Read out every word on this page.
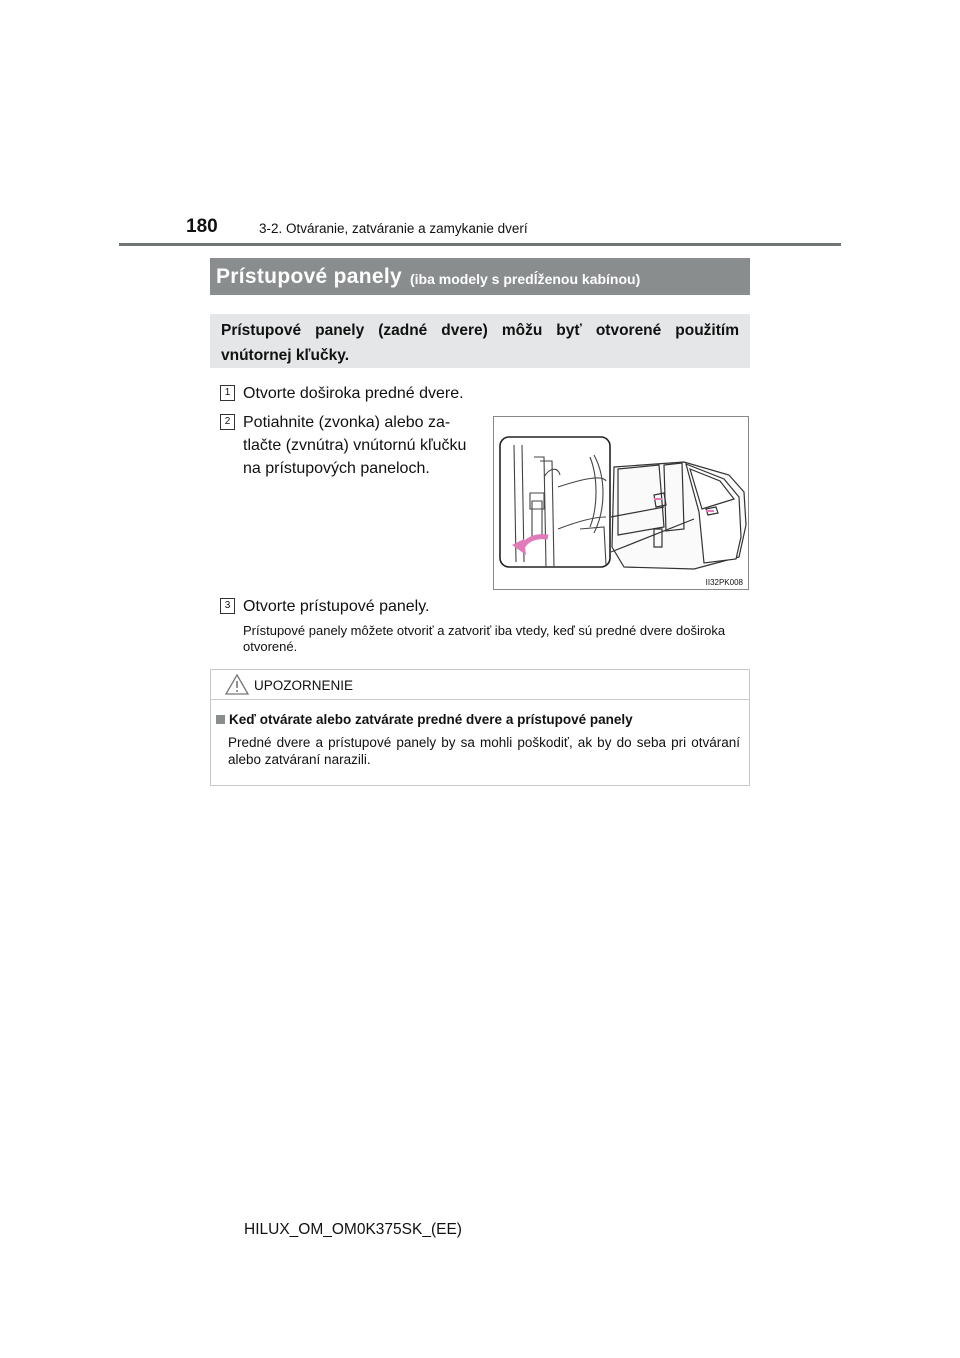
180	3-2. Otváranie, zatváranie a zamykanie dverí
Prístupové panely (iba modely s predĺženou kabínou)
Prístupové panely (zadné dvere) môžu byť otvorené použitím vnútornej kľučky.
1 Otvorte doširoka predné dvere.
2 Potiahnite (zvonka) alebo za-
tlačte (zvnútra) vnútornú kľučku
na prístupových paneloch.
II32PK008
3 Otvorte prístupové panely.
Prístupové panely môžete otvoriť a zatvoriť iba vtedy, keď sú predné dvere doširoka otvorené.
UPOZORNENIE
Keď otvárate alebo zatvárate predné dvere a prístupové panely
Predné dvere a prístupové panely by sa mohli poškodiť, ak by do seba pri otváraní alebo zatváraní narazili.
HILUX_OM_OM0K375SK_(EE)
